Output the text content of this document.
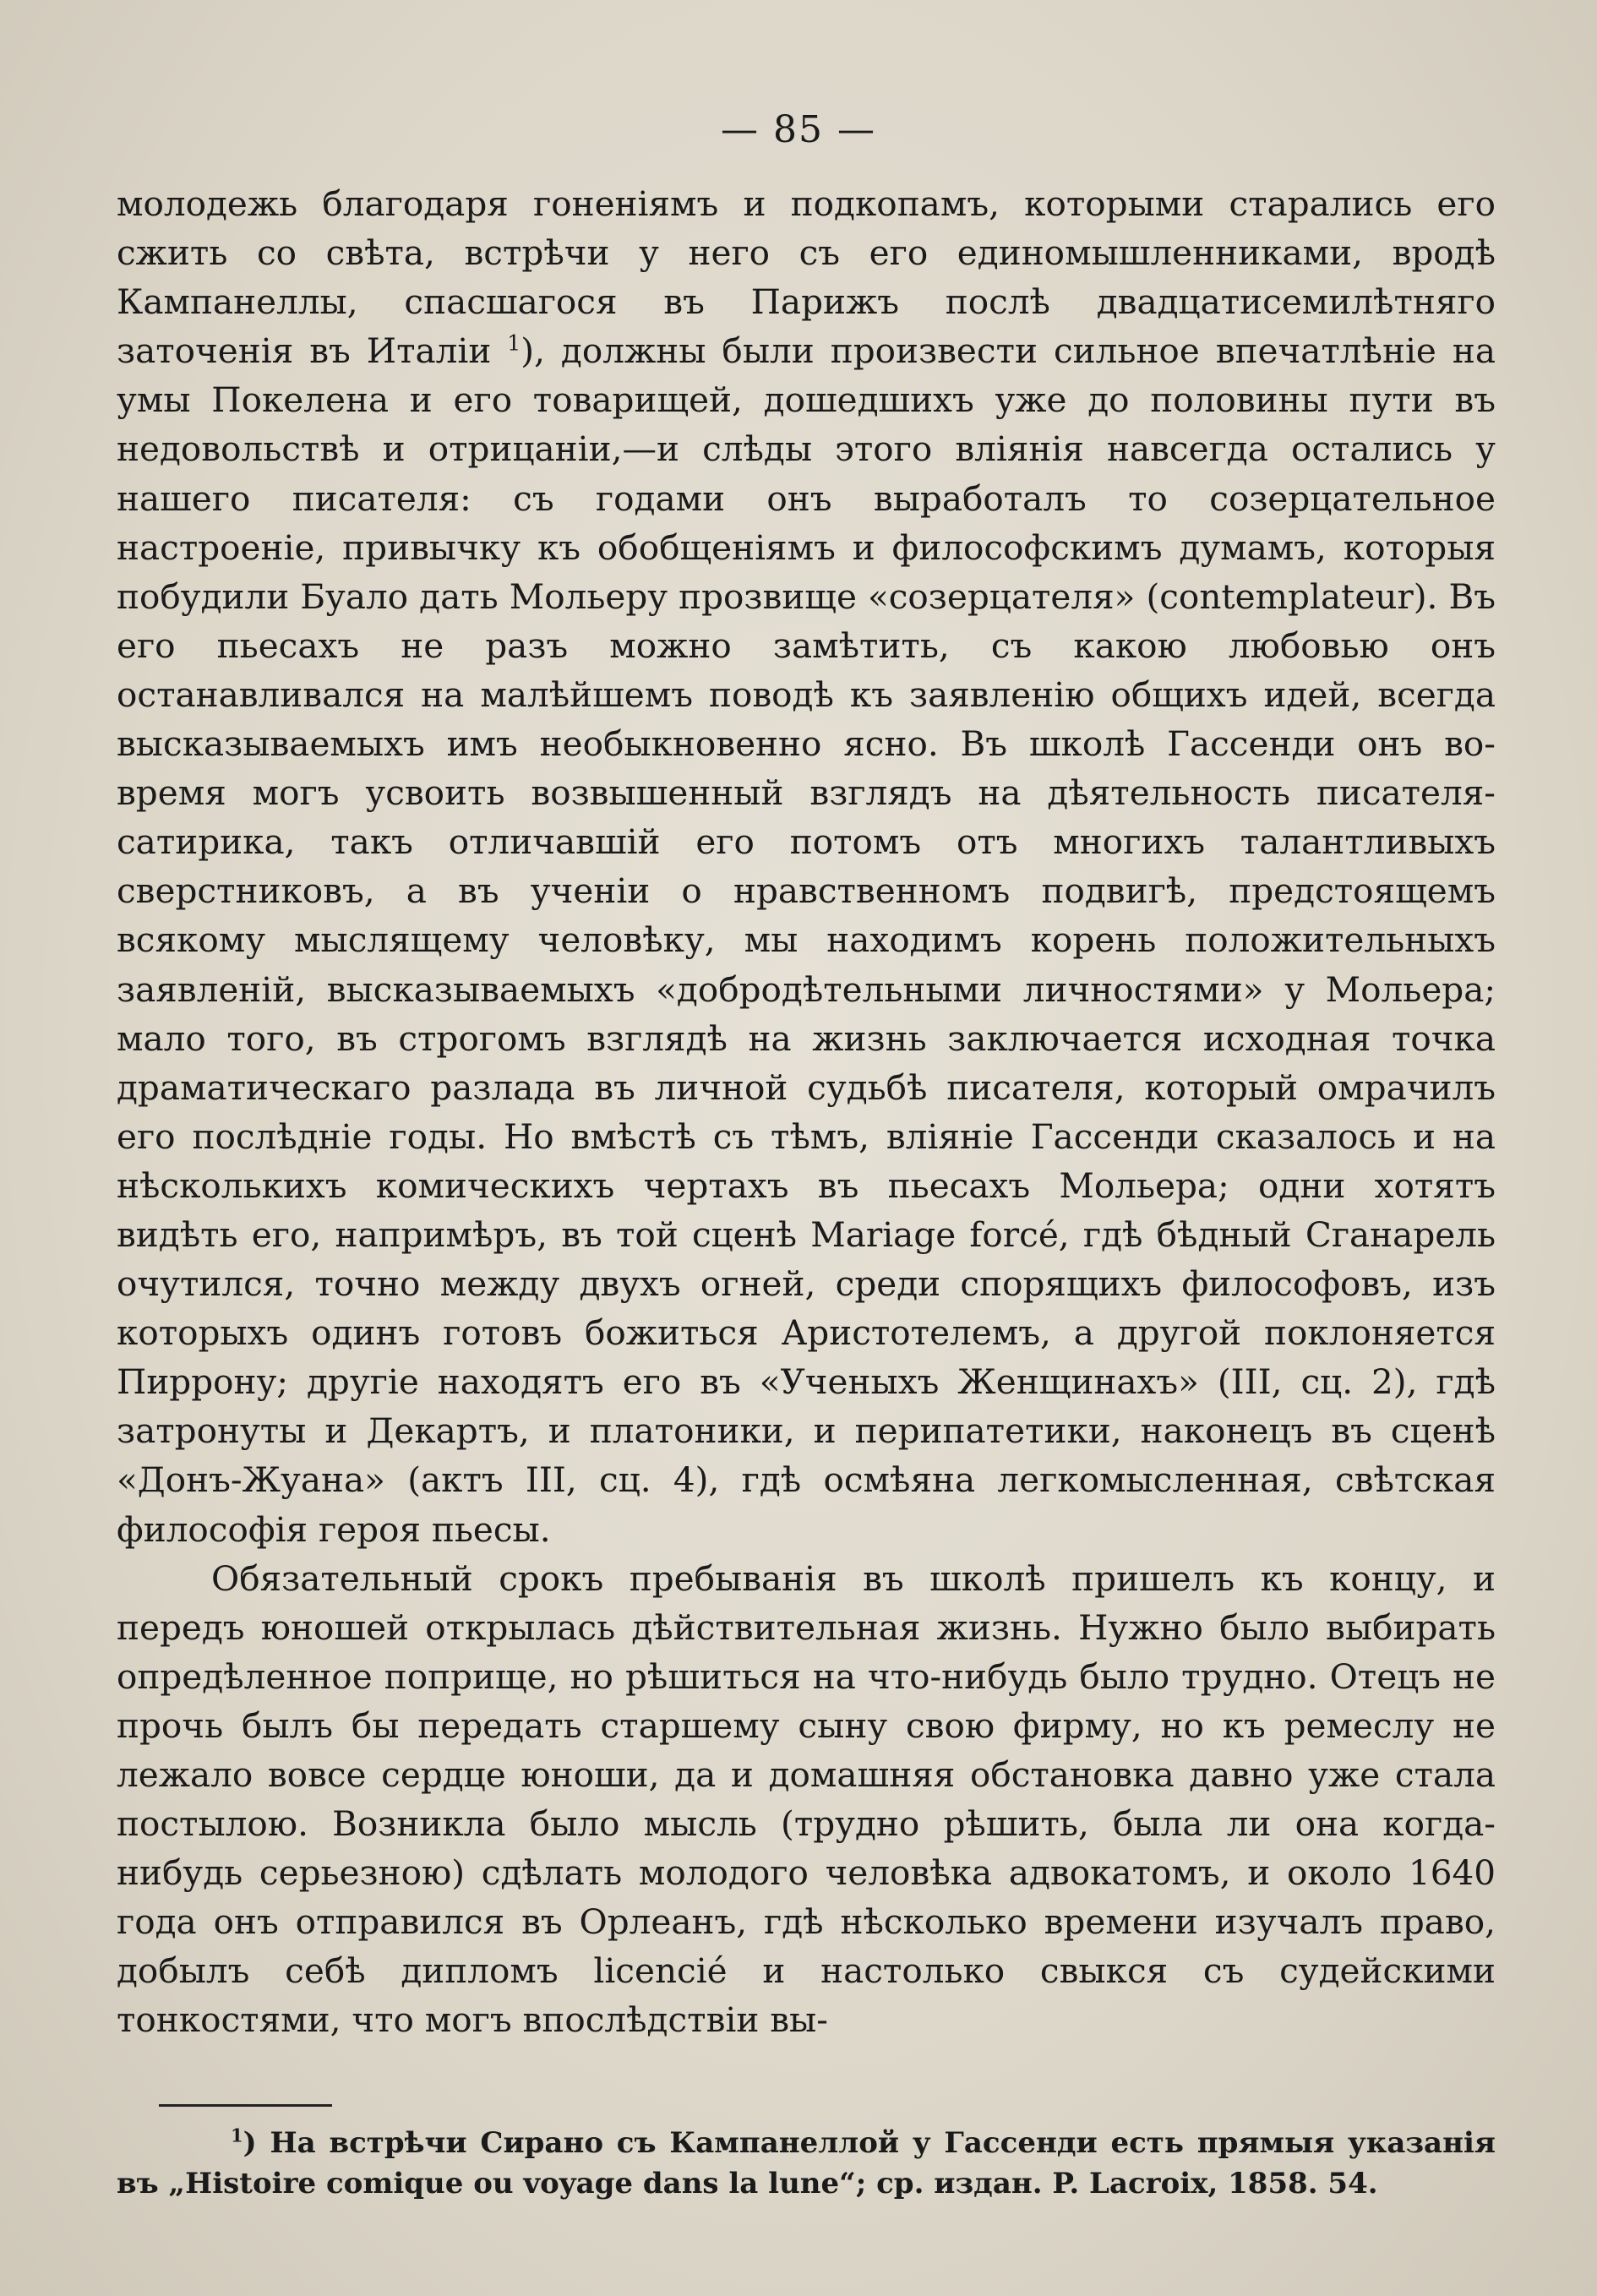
— 85 —

молодежь благодаря гоненіямъ и подкопамъ, которыми старались его сжить со свѣта, встрѣчи у него съ его единомышленниками, вродѣ Кампанеллы, спасшагося въ Парижъ послѣ двадцатисемилѣтняго заточенія въ Италіи $^1$), должны были произвести сильное впечатлѣніе на умы Покелена и его товарищей, дошедшихъ уже до половины пути въ недовольствѣ и отрицаніи,—и слѣды этого вліянія навсегда остались у нашего писателя: съ годами онъ выработалъ то созерцательное настроеніе, привычку къ обобщеніямъ и философскимъ думамъ, которыя побудили Буало дать Мольеру прозвище «созерцателя» (contemplateur). Въ его пьесахъ не разъ можно замѣтить, съ какою любовью онъ останавливался на малѣйшемъ поводѣ къ заявленію общихъ идей, всегда высказываемыхъ имъ необыкновенно ясно. Въ школѣ Гассенди онъ во-время могъ усвоить возвышенный взглядъ на дѣятельность писателя-сатирика, такъ отличавшій его потомъ отъ многихъ талантливыхъ сверстниковъ, а въ ученіи о нравственномъ подвигѣ, предстоящемъ всякому мыслящему человѣку, мы находимъ корень положительныхъ заявленій, высказываемыхъ «добродѣтельными личностями» у Мольера; мало того, въ строгомъ взглядѣ на жизнь заключается исходная точка драматическаго разлада въ личной судьбѣ писателя, который омрачилъ его послѣдніе годы. Но вмѣстѣ съ тѣмъ, вліяніе Гассенди сказалось и на нѣсколькихъ комическихъ чертахъ въ пьесахъ Мольера; одни хотятъ видѣть его, напримѣръ, въ той сценѣ Mariage forcé, гдѣ бѣдный Сганарель очутился, точно между двухъ огней, среди спорящихъ философовъ, изъ которыхъ одинъ готовъ божиться Аристотелемъ, а другой поклоняется Пиррону; другіе находятъ его въ «Ученыхъ Женщинахъ» (III, сц. 2), гдѣ затронуты и Декартъ, и платоники, и перипатетики, наконецъ въ сценѣ «Донъ-Жуана» (актъ III, сц. 4), гдѣ осмѣяна легкомысленная, свѣтская философія героя пьесы.

Обязательный срокъ пребыванія въ школѣ пришелъ къ концу, и передъ юношей открылась дѣйствительная жизнь. Нужно было выбирать опредѣленное поприще, но рѣшиться на что-нибудь было трудно. Отецъ не прочь былъ бы передать старшему сыну свою фирму, но къ ремеслу не лежало вовсе сердце юноши, да и домашняя обстановка давно уже стала постылою. Возникла было мысль (трудно рѣшить, была ли она когда-нибудь серьезною) сдѣлать молодого человѣка адвокатомъ, и около 1640 года онъ отправился въ Орлеанъ, гдѣ нѣсколько времени изучалъ право, добылъ себѣ дипломъ licencié и настолько свыкся съ судейскими тонкостями, что могъ впослѣдствіи вы-

$^1$) На встрѣчи Сирано съ Кампанеллой у Гассенди есть прямыя указанія въ „Histoire comique ou voyage dans la lune“; ср. издан. P. Lacroix, 1858. 54.
